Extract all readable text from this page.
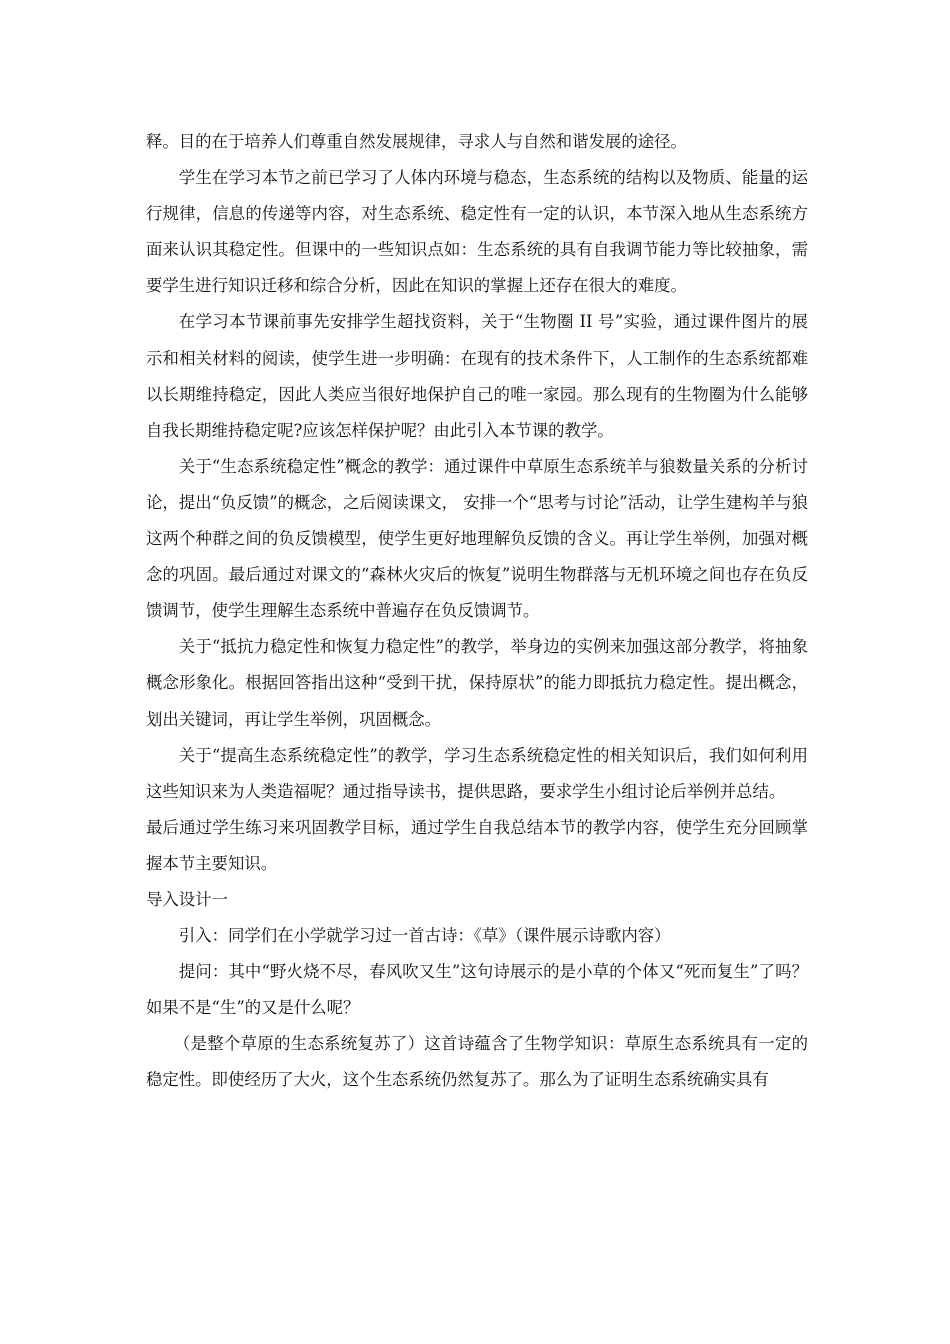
释。目的在于培养人们尊重自然发展规律，寻求人与自然和谐发展的途径。

学生在学习本节之前已学习了人体内环境与稳态，生态系统的结构以及物质、能量的运行规律，信息的传递等内容，对生态系统、稳定性有一定的认识，本节深入地从生态系统方面来认识其稳定性。但课中的一些知识点如：生态系统的具有自我调节能力等比较抽象，需要学生进行知识迁移和综合分析，因此在知识的掌握上还存在很大的难度。

在学习本节课前事先安排学生超找资料，关于“生物圈 II 号”实验，通过课件图片的展示和相关材料的阅读，使学生进一步明确：在现有的技术条件下，人工制作的生态系统都难以长期维持稳定，因此人类应当很好地保护自己的唯一家园。那么现有的生物圈为什么能够自我长期维持稳定呢?应该怎样保护呢？由此引入本节课的教学。

关于“生态系统稳定性”概念的教学：通过课件中草原生态系统羊与狼数量关系的分析讨论，提出“负反馈”的概念，之后阅读课文， 安排一个“思考与讨论”活动，让学生建构羊与狼这两个种群之间的负反馈模型，使学生更好地理解负反馈的含义。再让学生举例，加强对概念的巩固。最后通过对课文的“森林火灾后的恢复”说明生物群落与无机环境之间也存在负反馈调节，使学生理解生态系统中普遍存在负反馈调节。

关于“抵抗力稳定性和恢复力稳定性”的教学，举身边的实例来加强这部分教学，将抽象概念形象化。根据回答指出这种“受到干扰，保持原状”的能力即抵抗力稳定性。提出概念，划出关键词，再让学生举例，巩固概念。

关于“提高生态系统稳定性”的教学，学习生态系统稳定性的相关知识后，我们如何利用这些知识来为人类造福呢？通过指导读书，提供思路，要求学生小组讨论后举例并总结。

最后通过学生练习来巩固教学目标，通过学生自我总结本节的教学内容，使学生充分回顾掌握本节主要知识。

导入设计一

引入：同学们在小学就学习过一首古诗：《草》（课件展示诗歌内容）

提问：其中“野火烧不尽，春风吹又生”这句诗展示的是小草的个体又“死而复生”了吗？如果不是“生”的又是什么呢？

（是整个草原的生态系统复苏了）这首诗蕴含了生物学知识：草原生态系统具有一定的稳定性。即使经历了大火，这个生态系统仍然复苏了。那么为了证明生态系统确实具有
